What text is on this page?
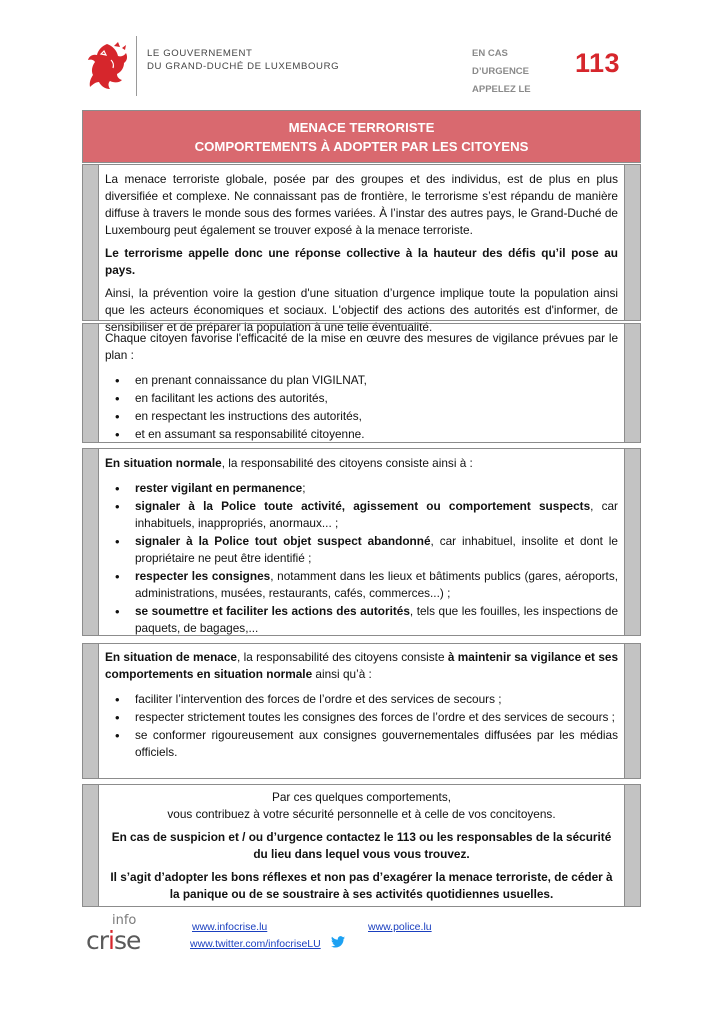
LE GOUVERNEMENT
DU GRAND-DUCHÉ DE LUXEMBOURG
EN CAS
D’URGENCE
APPELEZ LE
113
MENACE TERRORISTE
COMPORTEMENTS À ADOPTER PAR LES CITOYENS

La menace terroriste globale, posée par des groupes et des individus, est de plus en plus diversifiée et complexe. Ne connaissant pas de frontière, le terrorisme s’est répandu de manière diffuse à travers le monde sous des formes variées. À l’instar des autres pays, le Grand-Duché de Luxembourg peut également se trouver exposé à la menace terroriste.

Le terrorisme appelle donc une réponse collective à la hauteur des défis qu’il pose au pays.

Ainsi, la prévention voire la gestion d'une situation d’urgence implique toute la population ainsi que les acteurs économiques et sociaux. L'objectif des actions des autorités est d'informer, de sensibiliser et de préparer la population à une telle éventualité.

Chaque citoyen favorise l'efficacité de la mise en œuvre des mesures de vigilance prévues par le plan :

• en prenant connaissance du plan VIGILNAT,
• en facilitant les actions des autorités,
• en respectant les instructions des autorités,
• et en assumant sa responsabilité citoyenne.

En situation normale, la responsabilité des citoyens consiste ainsi à :

• rester vigilant en permanence;
• signaler à la Police toute activité, agissement ou comportement suspects, car inhabituels, inappropriés, anormaux... ;
• signaler à la Police tout objet suspect abandonné, car inhabituel, insolite et dont le propriétaire ne peut être identifié ;
• respecter les consignes, notamment dans les lieux et bâtiments publics (gares, aéroports, administrations, musées, restaurants, cafés, commerces...) ;
• se soumettre et faciliter les actions des autorités, tels que les fouilles, les inspections de paquets, de bagages,...

En situation de menace, la responsabilité des citoyens consiste à maintenir sa vigilance et ses comportements en situation normale ainsi qu’à :

• faciliter l’intervention des forces de l’ordre et des services de secours ;
• respecter strictement toutes les consignes des forces de l’ordre et des services de secours ;
• se conformer rigoureusement aux consignes gouvernementales diffusées par les médias officiels.

Par ces quelques comportements,

vous contribuez à votre sécurité personnelle et à celle de vos concitoyens.

En cas de suspicion et / ou d’urgence contactez le 113 ou les responsables de la sécurité du lieu dans lequel vous vous trouvez.

Il s’agit d’adopter les bons réflexes et non pas d’exagérer la menace terroriste, de céder à la panique ou de se soustraire à ses activités quotidiennes usuelles.

info
crise	www.infocrise.lu	www.police.lu
www.twitter.com/infocriseLU
